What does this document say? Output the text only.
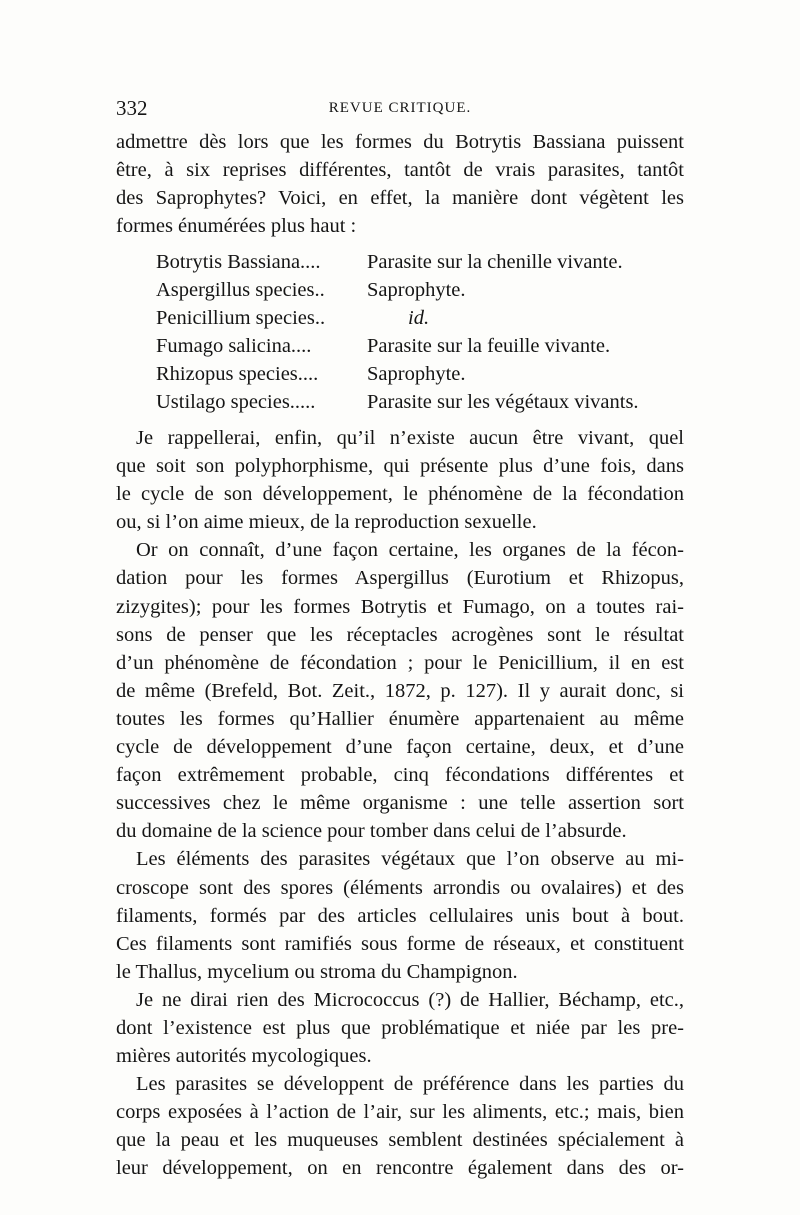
332	REVUE CRITIQUE.
admettre dès lors que les formes du Botrytis Bassiana puissent
être, à six reprises différentes, tantôt de vrais parasites, tantôt
des Saprophytes? Voici, en effet, la manière dont végètent les
formes énumérées plus haut :
Botrytis Bassiana.... Parasite sur la chenille vivante.
Aspergillus species.. Saprophyte.
Penicillium species..	id.
Fumago salicina....	Parasite sur la feuille vivante.
Rhizopus species.... Saprophyte.
Ustilago species.....	Parasite sur les végétaux vivants.
Je rappellerai, enfin, qu’il n’existe aucun être vivant, quel
que soit son polyphorphisme, qui présente plus d’une fois, dans
le cycle de son développement, le phénomène de la fécondation
ou, si l’on aime mieux, de la reproduction sexuelle.
Or on connaît, d’une façon certaine, les organes de la fécon-
dation pour les formes Aspergillus (Eurotium et Rhizopus,
zizygites); pour les formes Botrytis et Fumago, on a toutes rai-
sons de penser que les réceptacles acrogènes sont le résultat
d’un phénomène de fécondation ; pour le Penicillium, il en est
de même (Brefeld, Bot. Zeit., 1872, p. 127). Il y aurait donc, si
toutes les formes qu’Hallier énumère appartenaient au même
cycle de développement d’une façon certaine, deux, et d’une
façon extrêmement probable, cinq fécondations différentes et
successives chez le même organisme : une telle assertion sort
du domaine de la science pour tomber dans celui de l’absurde.
Les éléments des parasites végétaux que l’on observe au mi-
croscope sont des spores (éléments arrondis ou ovalaires) et des
filaments, formés par des articles cellulaires unis bout à bout.
Ces filaments sont ramifiés sous forme de réseaux, et constituent
le Thallus, mycelium ou stroma du Champignon.
Je ne dirai rien des Micrococcus (?) de Hallier, Béchamp, etc.,
dont l’existence est plus que problématique et niée par les pre-
mières autorités mycologiques.
Les parasites se développent de préférence dans les parties du
corps exposées à l’action de l’air, sur les aliments, etc.; mais, bien
que la peau et les muqueuses semblent destinées spécialement à
leur développement, on en rencontre également dans des or-
